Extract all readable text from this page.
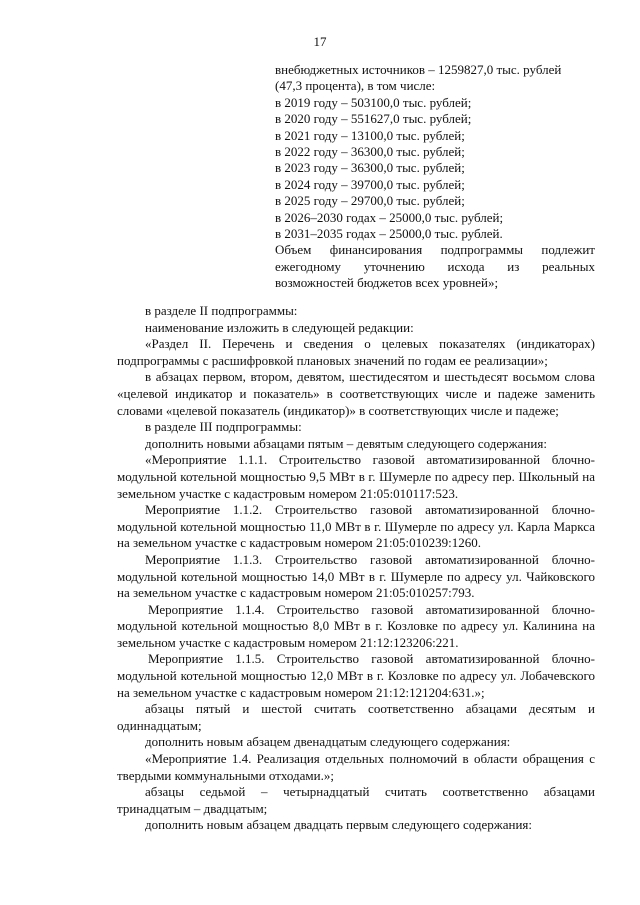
17
внебюджетных источников – 1259827,0 тыс. рублей
(47,3 процента), в том числе:
в 2019 году – 503100,0 тыс. рублей;
в 2020 году – 551627,0 тыс. рублей;
в 2021 году – 13100,0 тыс. рублей;
в 2022 году – 36300,0 тыс. рублей;
в 2023 году – 36300,0 тыс. рублей;
в 2024 году – 39700,0 тыс. рублей;
в 2025 году – 29700,0 тыс. рублей;
в 2026–2030 годах – 25000,0 тыс. рублей;
в 2031–2035 годах – 25000,0 тыс. рублей.
Объем финансирования подпрограммы подлежит ежегодному уточнению исхода из реальных возможностей бюджетов всех уровней»;

в разделе II подпрограммы:

наименование изложить в следующей редакции:

«Раздел II. Перечень и сведения о целевых показателях (индикаторах) подпрограммы с расшифровкой плановых значений по годам ее реализации»;

в абзацах первом, втором, девятом, шестидесятом и шестьдесят восьмом слова «целевой индикатор и показатель» в соответствующих числе и падеже заменить словами «целевой показатель (индикатор)» в соответствующих числе и падеже;

в разделе III подпрограммы:

дополнить новыми абзацами пятым – девятым следующего содержания:

«Мероприятие 1.1.1. Строительство газовой автоматизированной блочно-модульной котельной мощностью 9,5 МВт в г. Шумерле по адресу пер. Школьный на земельном участке с кадастровым номером 21:05:010117:523.

Мероприятие 1.1.2. Строительство газовой автоматизированной блочно-модульной котельной мощностью 11,0 МВт в г. Шумерле по адресу ул. Карла Маркса на земельном участке с кадастровым номером 21:05:010239:1260.

Мероприятие 1.1.3. Строительство газовой автоматизированной блочно-модульной котельной мощностью 14,0 МВт в г. Шумерле по адресу ул. Чайковского на земельном участке с кадастровым номером 21:05:010257:793.

Мероприятие 1.1.4. Строительство газовой автоматизированной блочно-модульной котельной мощностью 8,0 МВт в г. Козловке по адресу ул. Калинина на земельном участке с кадастровым номером 21:12:123206:221.

Мероприятие 1.1.5. Строительство газовой автоматизированной блочно-модульной котельной мощностью 12,0 МВт в г. Козловке по адресу ул. Лобачевского на земельном участке с кадастровым номером 21:12:121204:631.»;

абзацы пятый и шестой считать соответственно абзацами десятым и одиннадцатым;

дополнить новым абзацем двенадцатым следующего содержания:

«Мероприятие 1.4. Реализация отдельных полномочий в области обращения с твердыми коммунальными отходами.»;

абзацы седьмой – четырнадцатый считать соответственно абзацами тринадцатым – двадцатым;

дополнить новым абзацем двадцать первым следующего содержания:
